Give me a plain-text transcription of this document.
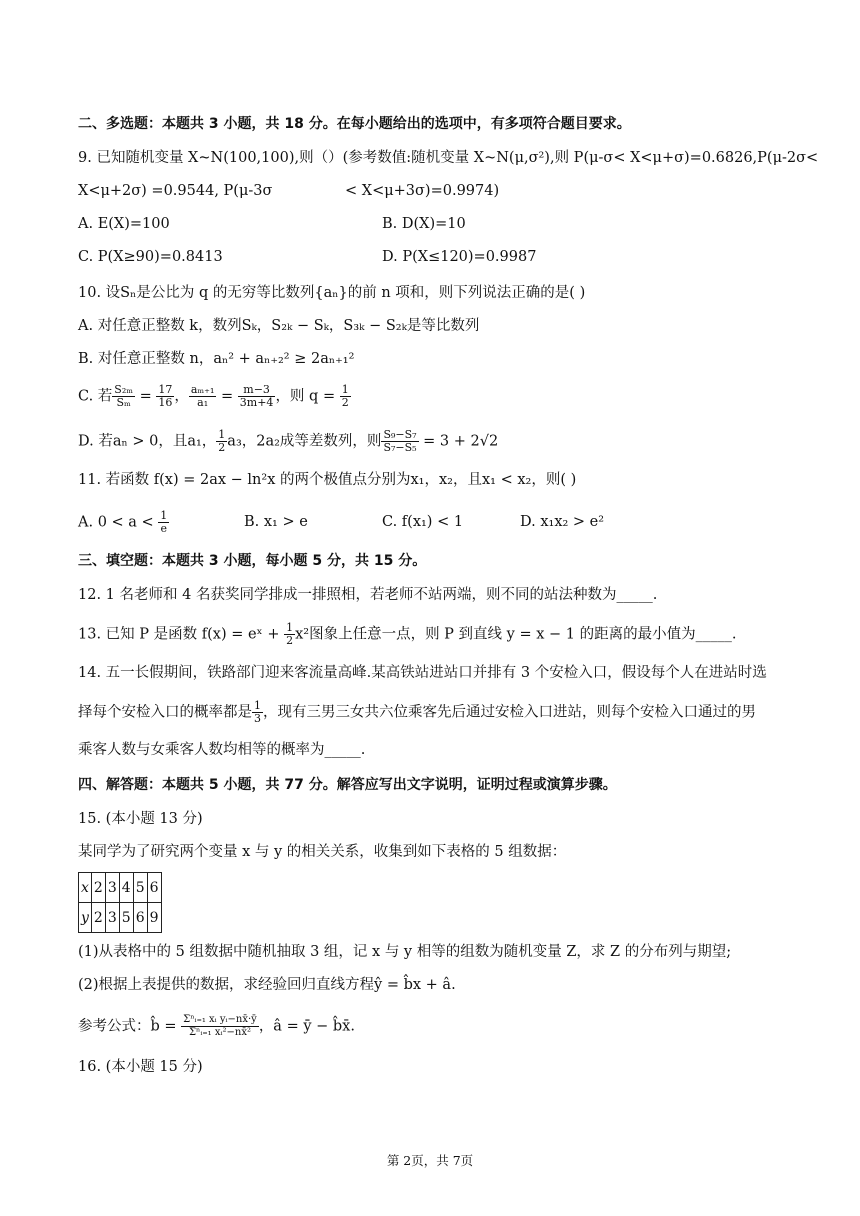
二、多选题：本题共 3 小题，共 18 分。在每小题给出的选项中，有多项符合题目要求。
9. 已知随机变量 X~N(100,100),则（）(参考数值:随机变量 X~N(μ,σ²),则 P(μ-σ< X<μ+σ)=0.6826,P(μ-2σ<
X<μ+2σ) =0.9544, P(μ-3σ	< X<μ+3σ)=0.9974)
A. E(X)=100	B. D(X)=10
C. P(X≥90)=0.8413	D. P(X≤120)=0.9987
10. 设Sₙ是公比为 q 的无穷等比数列{aₙ}的前 n 项和，则下列说法正确的是( )
A. 对任意正整数 k，数列Sₖ，S₂ₖ − Sₖ，S₃ₖ − S₂ₖ是等比数列
B. 对任意正整数 n，aₙ² + aₙ₊₂² ≥ 2aₙ₊₁²
C. 若 $\frac{\text{S₂ₘ}}{\text{Sₘ}} = \frac{17}{16}$ ， $\frac{\text{aₘ₊₁}}{\text{a₁}} = \frac{m-3}{3m+4}$ ，则 $q = \frac{1}{2}$
D. 若aₙ > 0，且a₁， $\frac{1}{2} a_3$，2a₂成等差数列，则 $\frac{\text{S₉−S₇}}{\text{S₇−S₅}} = 3 + 2√2$
11. 若函数 f(x) = 2ax − ln²x 的两个极值点分别为x₁，x₂，且x₁ < x₂，则( )
A. $0 < a < \frac{1}{e}$	B. x₁ > e	C. f(x₁) < 1	D. x₁x₂ > e²
三、填空题：本题共 3 小题，每小题 5 分，共 15 分。
12. 1 名老师和 4 名获奖同学排成一排照相，若老师不站两端，则不同的站法种数为_____.
13. 已知 P 是函数 f(x) = eˣ + $\frac{1}{2} x^2$图象上任意一点，则 P 到直线 y = x − 1 的距离的最小值为_____.
14. 五一长假期间，铁路部门迎来客流量高峰.某高铁站进站口并排有 3 个安检入口，假设每个人在进站时选
择每个安检入口的概率都是 $\frac{1}{3}$ ，现有三男三女共六位乘客先后通过安检入口进站，则每个安检入口通过的男
乘客人数与女乘客人数均相等的概率为_____.
四、解答题：本题共 5 小题，共 77 分。解答应写出文字说明，证明过程或演算步骤。
15. (本小题 13 分)
某同学为了研究两个变量 x 与 y 的相关关系，收集到如下表格的 5 组数据：
x	2	3	4	5	6
y	2	3	5	6	9
(1)从表格中的 5 组数据中随机抽取 3 组，记 x 与 y 相等的组数为随机变量 Z，求 Z 的分布列与期望;
(2)根据上表提供的数据，求经验回归直线方程ŷ = b̂x + â.
参考公式：b̂ = $\frac{\text{Σⁿᵢ₌₁ xᵢ yᵢ−nx̄·ȳ}}{\text{Σⁿᵢ₌₁ xᵢ²−nx̄²}}$ ，â = ȳ − b̂x̄.
16. (本小题 15 分)
第 2页，共 7页
